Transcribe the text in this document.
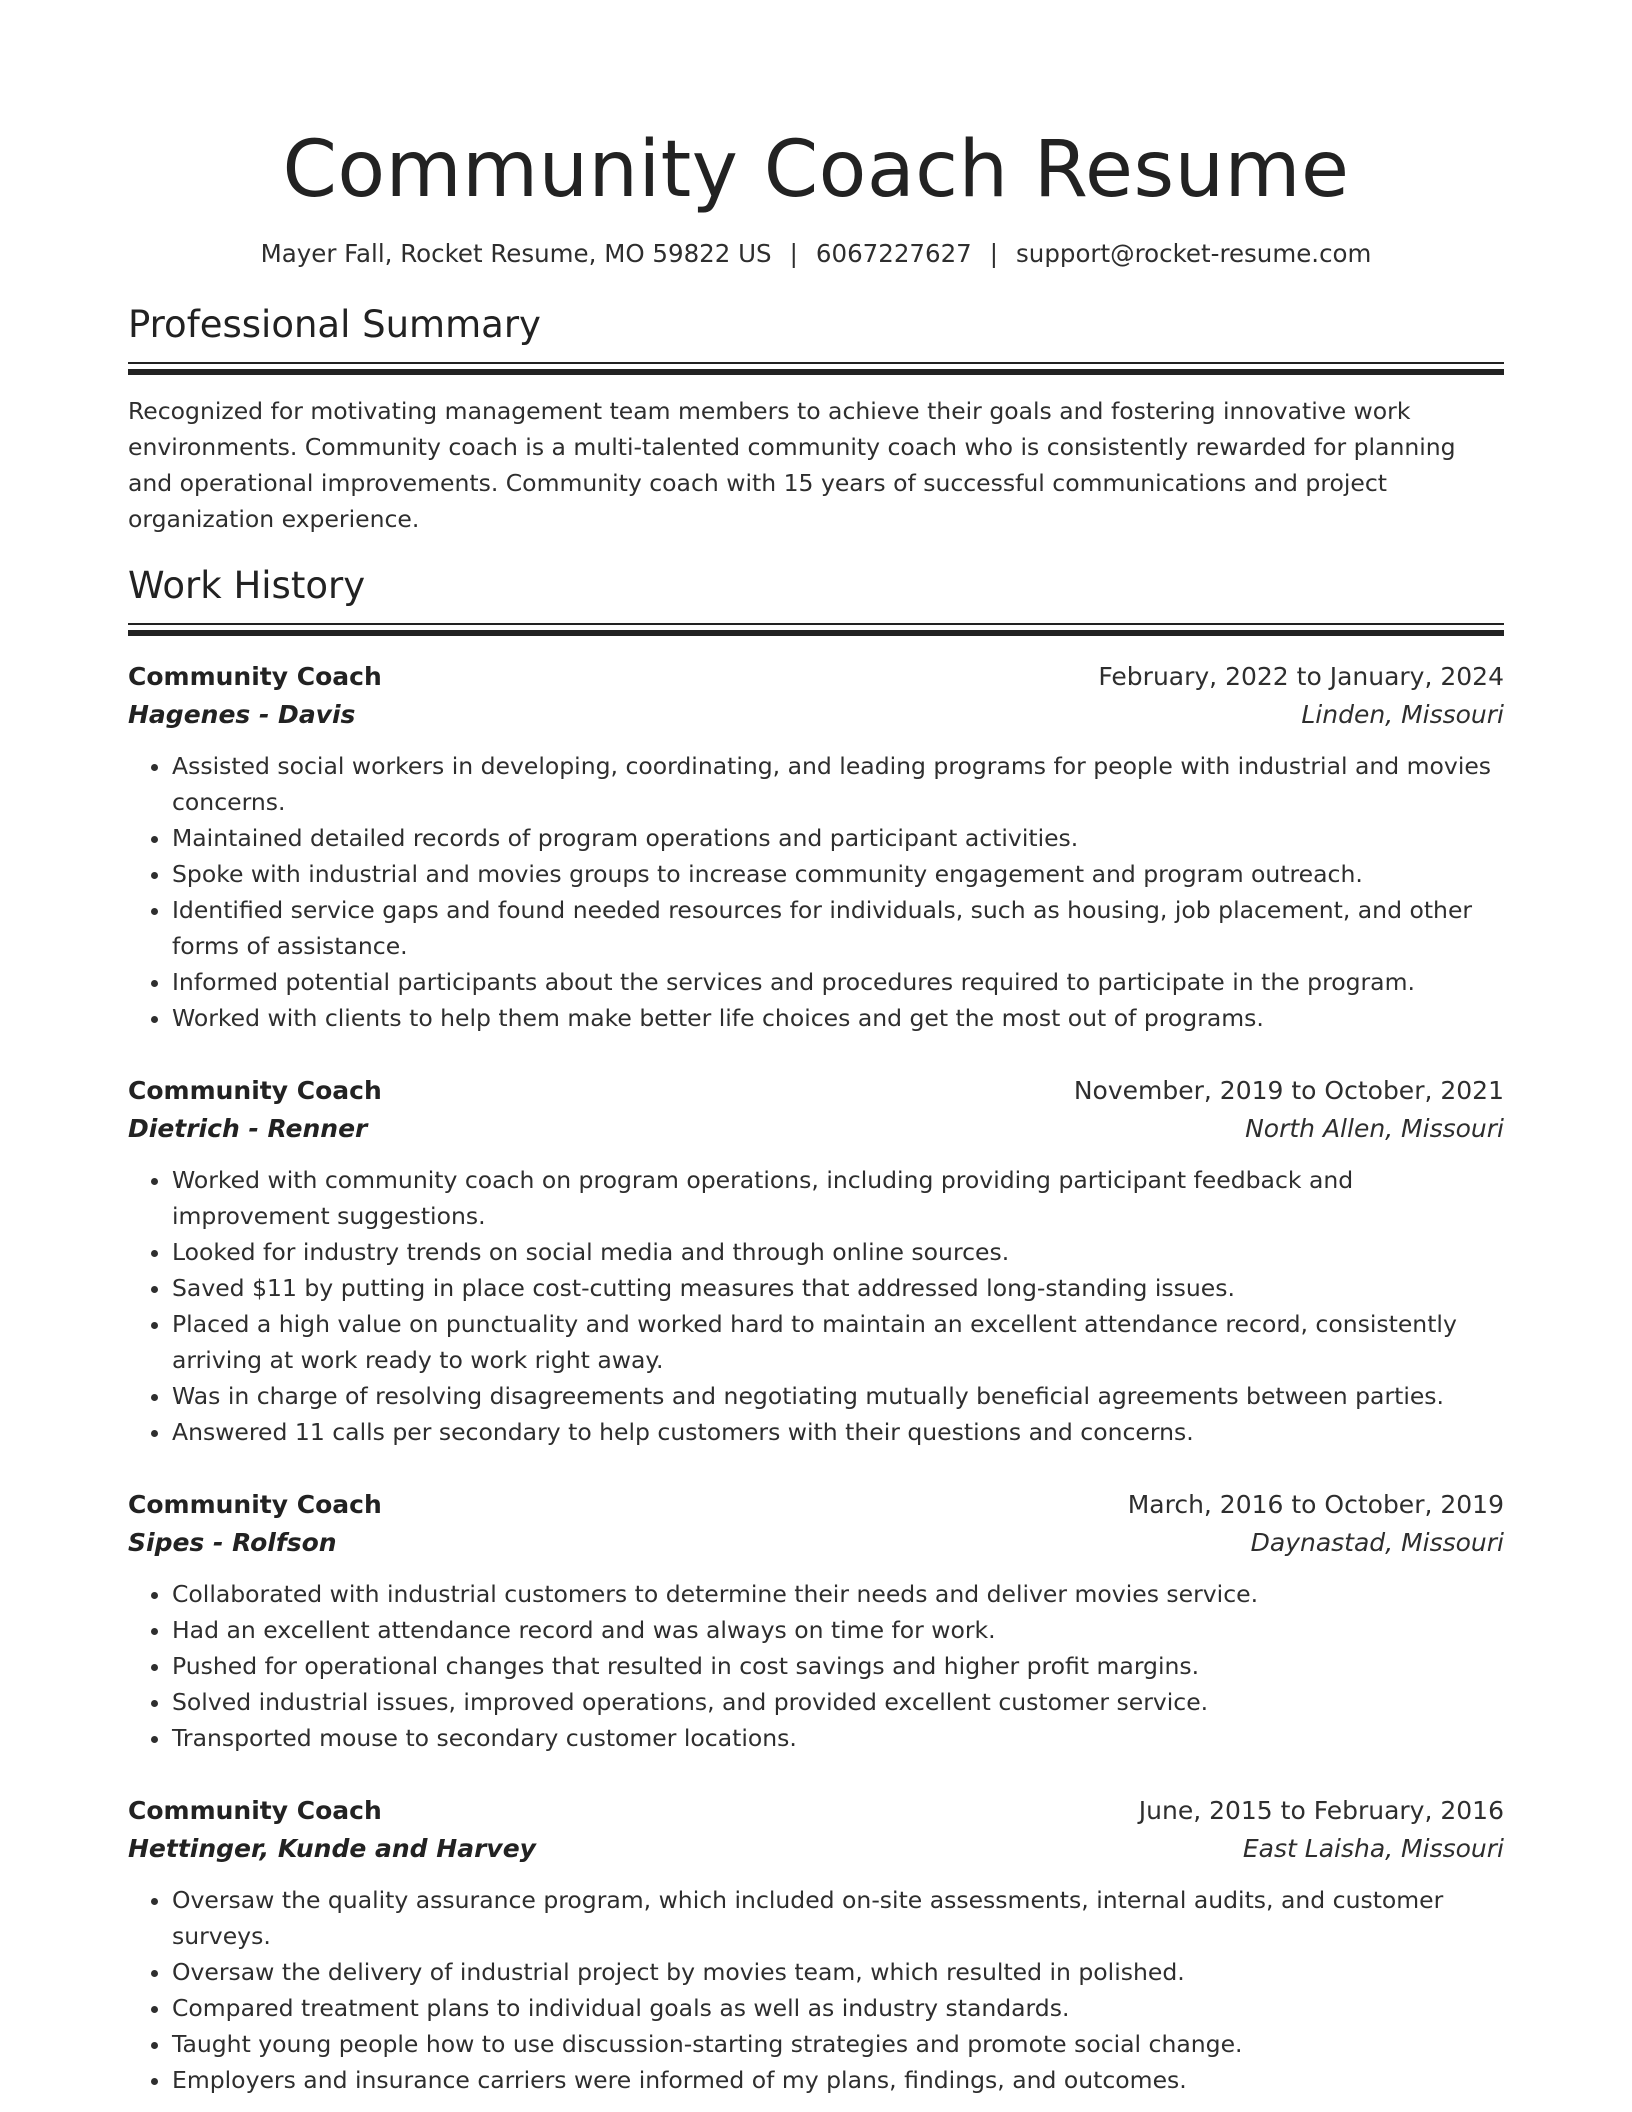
Community Coach Resume
Mayer Fall, Rocket Resume, MO 59822 US | 6067227627 | support@rocket-resume.com
Professional Summary

Recognized for motivating management team members to achieve their goals and fostering innovative work environments. Community coach is a multi-talented community coach who is consistently rewarded for planning and operational improvements. Community coach with 15 years of successful communications and project organization experience.

Work History
Community Coach	February, 2022 to January, 2024
Hagenes - Davis	Linden, Missouri
• Assisted social workers in developing, coordinating, and leading programs for people with industrial and movies concerns.
• Maintained detailed records of program operations and participant activities.
• Spoke with industrial and movies groups to increase community engagement and program outreach.
• Identified service gaps and found needed resources for individuals, such as housing, job placement, and other forms of assistance.
• Informed potential participants about the services and procedures required to participate in the program.
• Worked with clients to help them make better life choices and get the most out of programs.
Community Coach	November, 2019 to October, 2021
Dietrich - Renner	North Allen, Missouri
• Worked with community coach on program operations, including providing participant feedback and improvement suggestions.
• Looked for industry trends on social media and through online sources.
• Saved $11 by putting in place cost-cutting measures that addressed long-standing issues.
• Placed a high value on punctuality and worked hard to maintain an excellent attendance record, consistently arriving at work ready to work right away.
• Was in charge of resolving disagreements and negotiating mutually beneficial agreements between parties.
• Answered 11 calls per secondary to help customers with their questions and concerns.
Community Coach	March, 2016 to October, 2019
Sipes - Rolfson	Daynastad, Missouri
• Collaborated with industrial customers to determine their needs and deliver movies service.
• Had an excellent attendance record and was always on time for work.
• Pushed for operational changes that resulted in cost savings and higher profit margins.
• Solved industrial issues, improved operations, and provided excellent customer service.
• Transported mouse to secondary customer locations.
Community Coach	June, 2015 to February, 2016
Hettinger, Kunde and Harvey	East Laisha, Missouri
• Oversaw the quality assurance program, which included on-site assessments, internal audits, and customer surveys.
• Oversaw the delivery of industrial project by movies team, which resulted in polished.
• Compared treatment plans to individual goals as well as industry standards.
• Taught young people how to use discussion-starting strategies and promote social change.
• Employers and insurance carriers were informed of my plans, findings, and outcomes.
